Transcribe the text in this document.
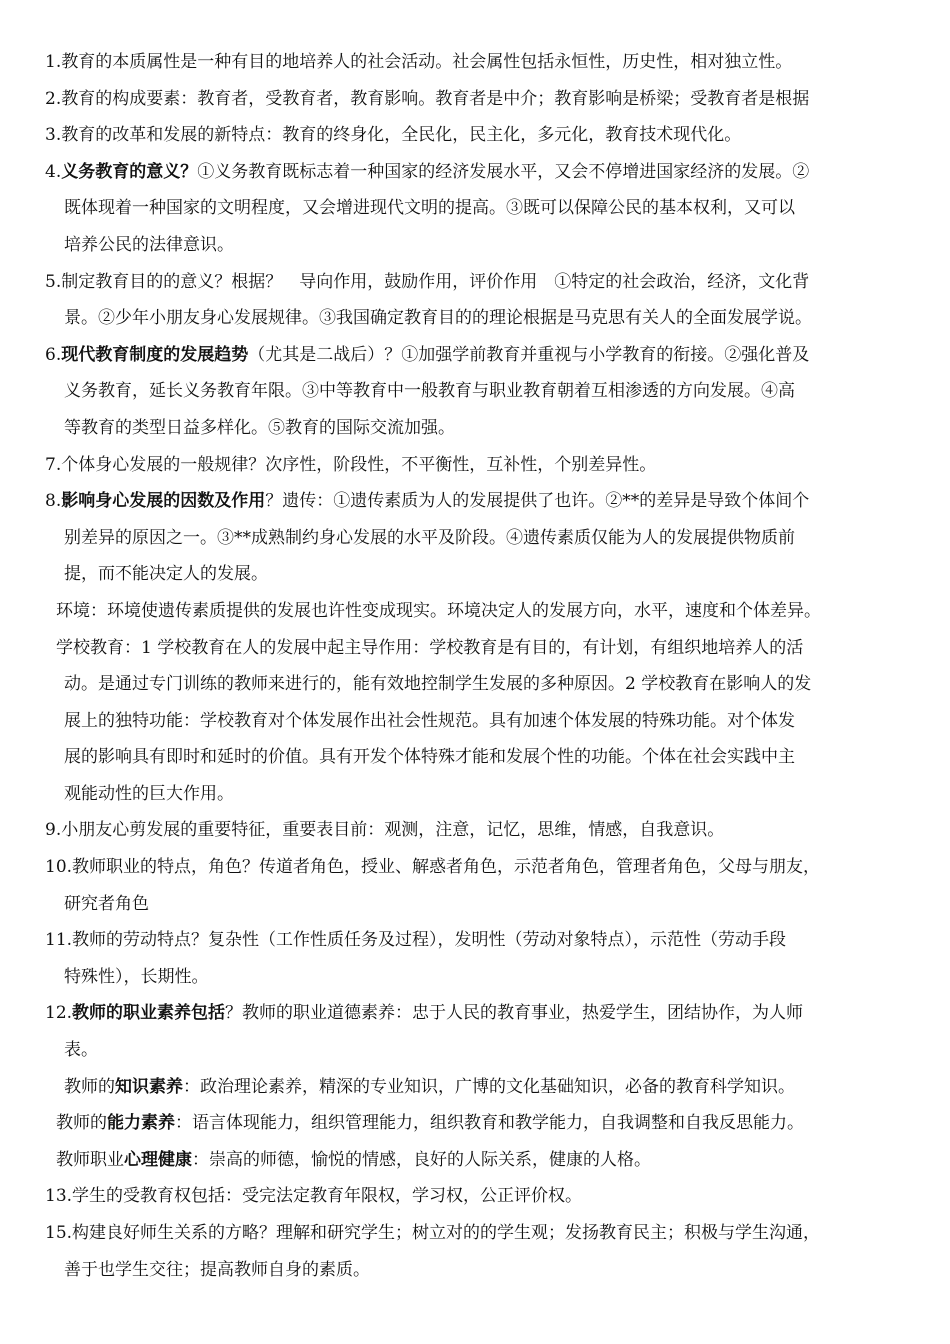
1.教育的本质属性是一种有目的地培养人的社会活动。社会属性包括永恒性，历史性，相对独立性。
2.教育的构成要素：教育者，受教育者，教育影响。教育者是中介；教育影响是桥梁；受教育者是根据
3.教育的改革和发展的新特点：教育的终身化，全民化，民主化，多元化，教育技术现代化。
4.义务教育的意义？①义务教育既标志着一种国家的经济发展水平，又会不停增进国家经济的发展。②
既体现着一种国家的文明程度，又会增进现代文明的提高。③既可以保障公民的基本权利，又可以
培养公民的法律意识。
5.制定教育目的的意义？根据？　导向作用，鼓励作用，评价作用　①特定的社会政治，经济，文化背
景。②少年小朋友身心发展规律。③我国确定教育目的的理论根据是马克思有关人的全面发展学说。
6.现代教育制度的发展趋势（尤其是二战后）？①加强学前教育并重视与小学教育的衔接。②强化普及
义务教育，延长义务教育年限。③中等教育中一般教育与职业教育朝着互相渗透的方向发展。④高
等教育的类型日益多样化。⑤教育的国际交流加强。
7.个体身心发展的一般规律？次序性，阶段性，不平衡性，互补性，个别差异性。
8.影响身心发展的因数及作用？遗传：①遗传素质为人的发展提供了也许。②**的差异是导致个体间个
别差异的原因之一。③**成熟制约身心发展的水平及阶段。④遗传素质仅能为人的发展提供物质前
提，而不能决定人的发展。
环境：环境使遗传素质提供的发展也许性变成现实。环境决定人的发展方向，水平，速度和个体差异。
学校教育：1 学校教育在人的发展中起主导作用：学校教育是有目的，有计划，有组织地培养人的活
动。是通过专门训练的教师来进行的，能有效地控制学生发展的多种原因。2 学校教育在影响人的发
展上的独特功能：学校教育对个体发展作出社会性规范。具有加速个体发展的特殊功能。对个体发
展的影响具有即时和延时的价值。具有开发个体特殊才能和发展个性的功能。个体在社会实践中主
观能动性的巨大作用。
9.小朋友心剪发展的重要特征，重要表目前：观测，注意，记忆，思维，情感，自我意识。
10.教师职业的特点，角色？传道者角色，授业、解惑者角色，示范者角色，管理者角色，父母与朋友，
研究者角色
11.教师的劳动特点？复杂性（工作性质任务及过程），发明性（劳动对象特点），示范性（劳动手段
特殊性），长期性。
12.教师的职业素养包括？教师的职业道德素养：忠于人民的教育事业，热爱学生，团结协作，为人师
表。
教师的知识素养：政治理论素养，精深的专业知识，广博的文化基础知识，必备的教育科学知识。
教师的能力素养：语言体现能力，组织管理能力，组织教育和教学能力，自我调整和自我反思能力。
教师职业心理健康：崇高的师德，愉悦的情感，良好的人际关系，健康的人格。
13.学生的受教育权包括：受完法定教育年限权，学习权，公正评价权。
15.构建良好师生关系的方略？理解和研究学生；树立对的的学生观；发扬教育民主；积极与学生沟通，
善于也学生交往；提高教师自身的素质。
